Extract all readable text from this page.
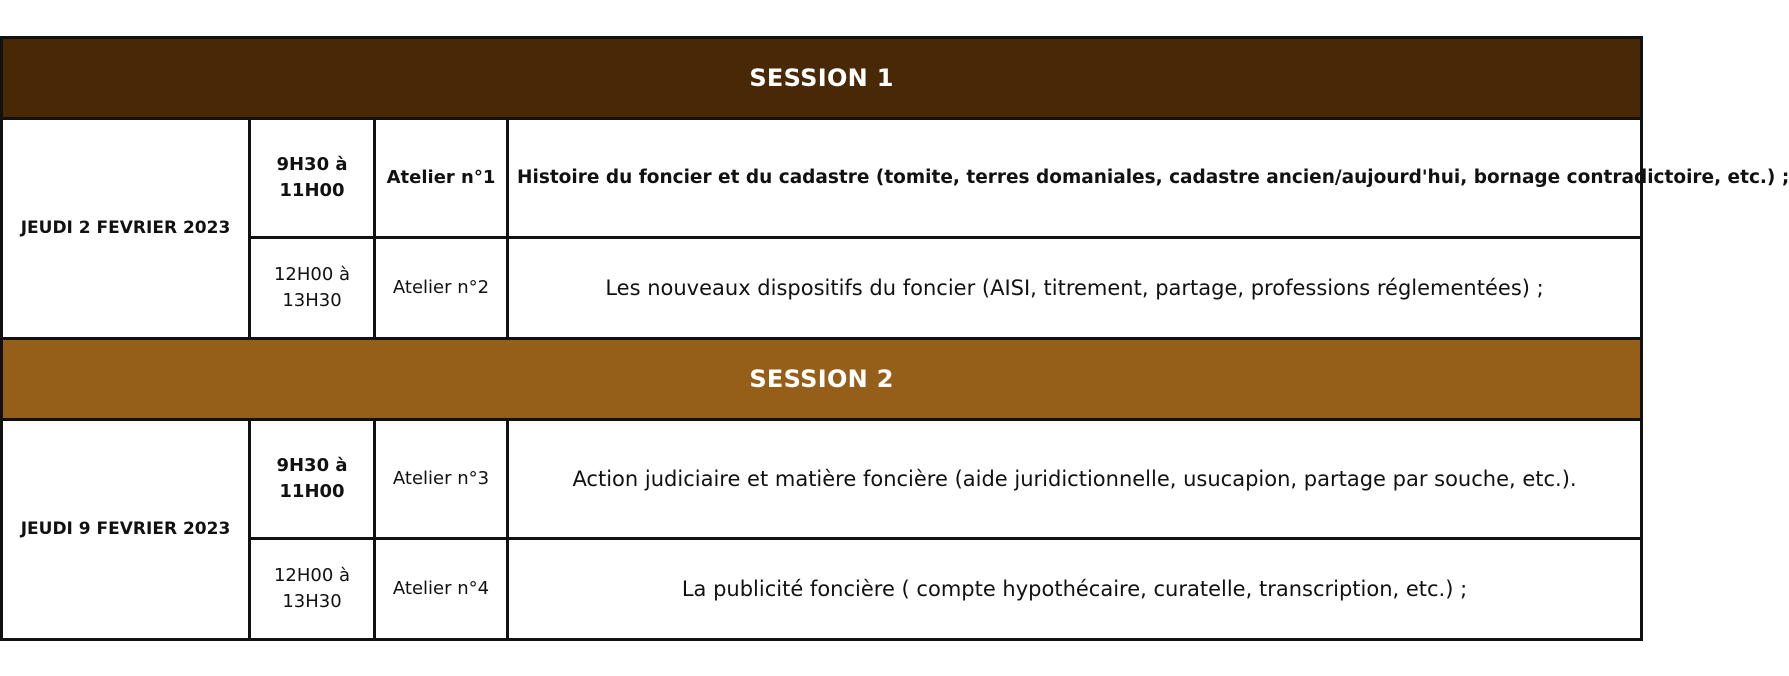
SESSION 1			
JEUDI 2 FEVRIER 2023	9H30 à 11H00	Atelier n°1	Histoire du foncier et du cadastre (tomite, terres domaniales, cadastre ancien/aujourd'hui, bornage contradictoire, etc.) ;
	12H00 à 13H30	Atelier n°2	Les nouveaux dispositifs du foncier (AISI, titrement, partage, professions réglementées) ;
SESSION 2			
JEUDI 9 FEVRIER 2023	9H30 à 11H00	Atelier n°3	Action judiciaire et matière foncière (aide juridictionnelle, usucapion, partage par souche, etc.).
	12H00 à 13H30	Atelier n°4	La publicité foncière ( compte hypothécaire, curatelle, transcription, etc.) ;
